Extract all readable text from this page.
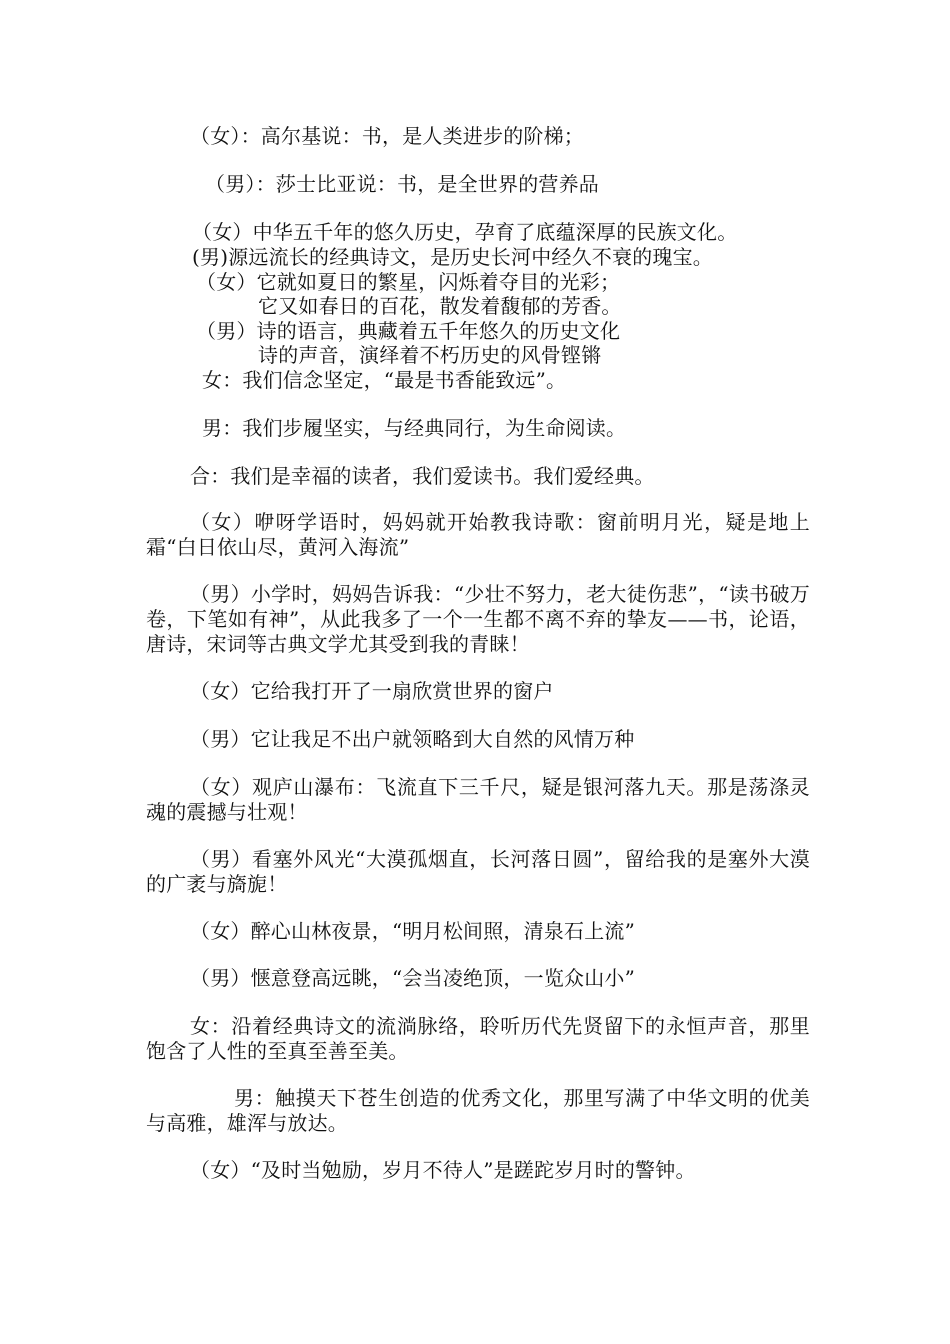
（女）：高尔基说：书，是人类进步的阶梯；
（男）：莎士比亚说：书，是全世界的营养品
（女）中华五千年的悠久历史，孕育了底蕴深厚的民族文化。
(男)源远流长的经典诗文，是历史长河中经久不衰的瑰宝。
（女）它就如夏日的繁星，闪烁着夺目的光彩；
它又如春日的百花，散发着馥郁的芳香。
（男）诗的语言，典藏着五千年悠久的历史文化
诗的声音，演绎着不朽历史的风骨铿锵
女：我们信念坚定，“最是书香能致远”。
男：我们步履坚实，与经典同行，为生命阅读。
合：我们是幸福的读者，我们爱读书。我们爱经典。
（女）咿呀学语时，妈妈就开始教我诗歌：窗前明月光，疑是地上霜“白日依山尽，黄河入海流”
（男）小学时，妈妈告诉我：“少壮不努力，老大徒伤悲”，“读书破万卷，下笔如有神”，从此我多了一个一生都不离不弃的挚友——书，论语，唐诗，宋词等古典文学尤其受到我的青睐！
（女）它给我打开了一扇欣赏世界的窗户
（男）它让我足不出户就领略到大自然的风情万种
（女）观庐山瀑布：飞流直下三千尺，疑是银河落九天。那是荡涤灵魂的震撼与壮观！
（男）看塞外风光“大漠孤烟直，长河落日圆”，留给我的是塞外大漠的广袤与旖旎！
（女）醉心山林夜景，“明月松间照，清泉石上流”
（男）惬意登高远眺，“会当凌绝顶，一览众山小”
女：沿着经典诗文的流淌脉络，聆听历代先贤留下的永恒声音，那里饱含了人性的至真至善至美。
男：触摸天下苍生创造的优秀文化，那里写满了中华文明的优美与高雅，雄浑与放达。
（女）“及时当勉励，岁月不待人”是蹉跎岁月时的警钟。
